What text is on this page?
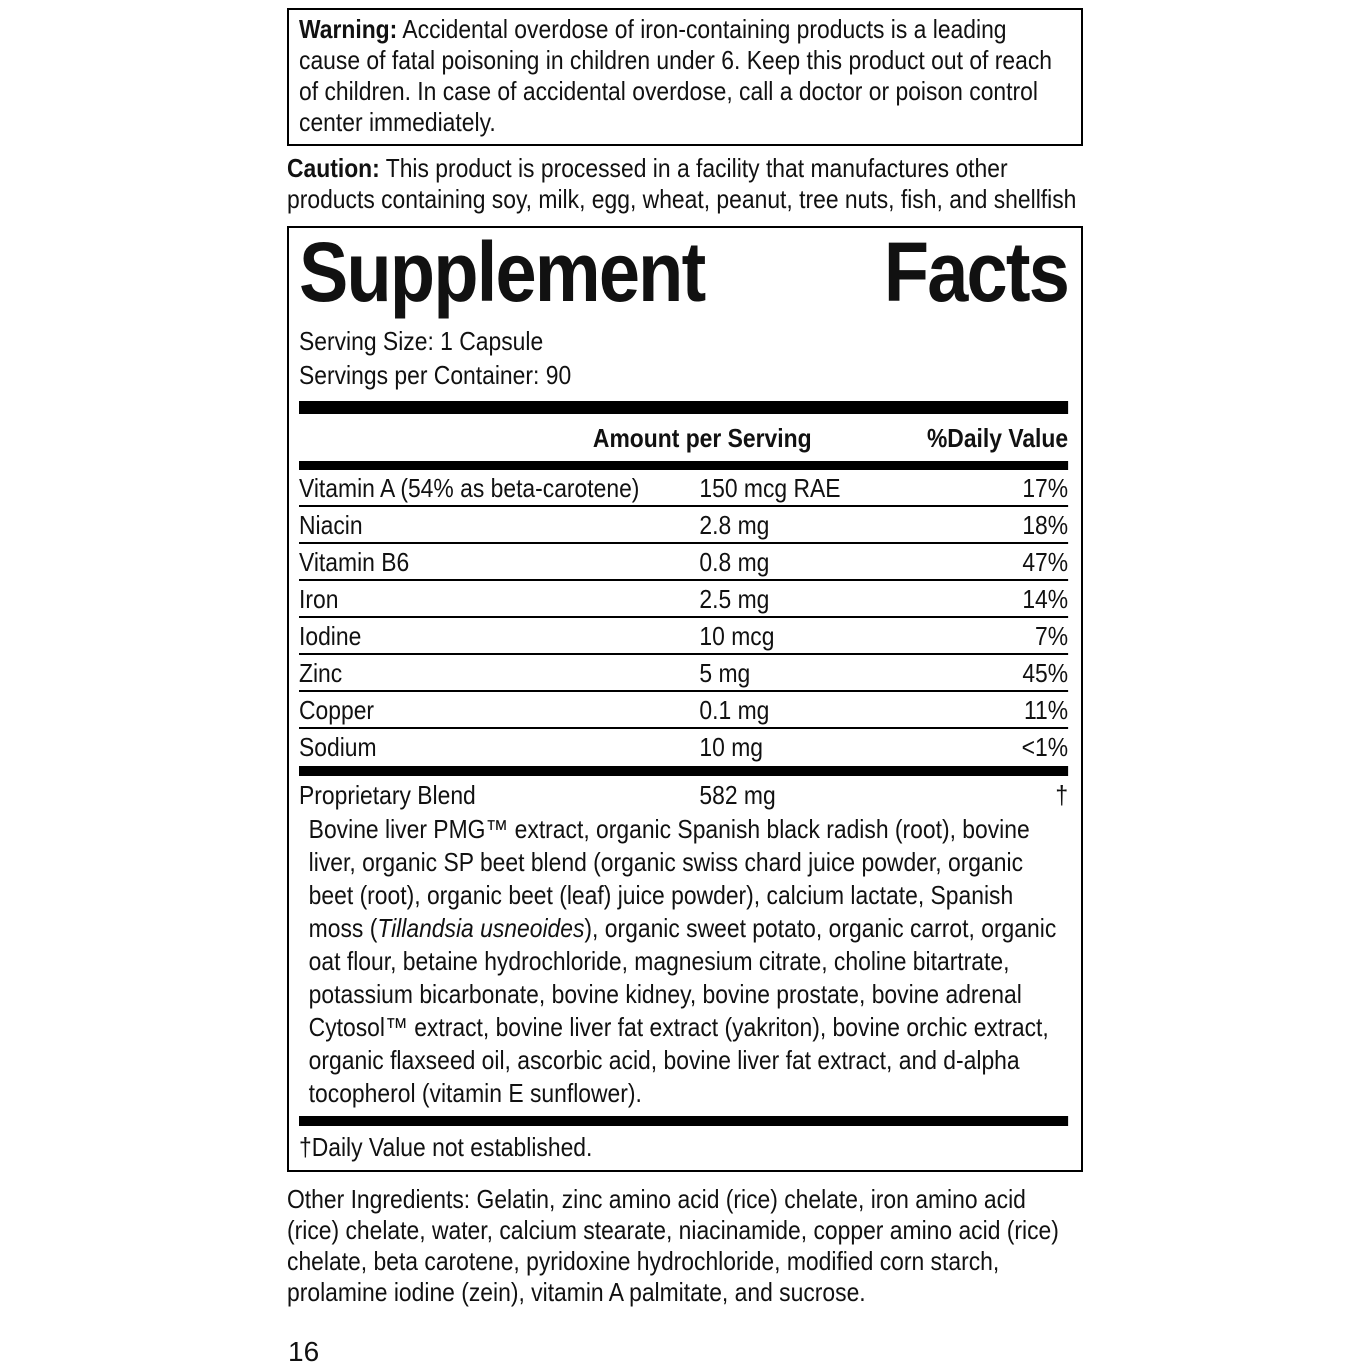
Warning: Accidental overdose of iron-containing products is a leading cause of fatal poisoning in children under 6. Keep this product out of reach of children. In case of accidental overdose, call a doctor or poison control center immediately.
Caution: This product is processed in a facility that manufactures other products containing soy, milk, egg, wheat, peanut, tree nuts, fish, and shellfish
Supplement Facts
Serving Size: 1 Capsule
Servings per Container: 90
Amount per Serving	%Daily Value
Vitamin A (54% as beta-carotene)	150 mcg RAE	17%
Niacin	2.8 mg	18%
Vitamin B6	0.8 mg	47%
Iron	2.5 mg	14%
Iodine	10 mcg	7%
Zinc	5 mg	45%
Copper	0.1 mg	11%
Sodium	10 mg	<1%
Proprietary Blend	582 mg	†
Bovine liver PMG™ extract, organic Spanish black radish (root), bovine liver, organic SP beet blend (organic swiss chard juice powder, organic beet (root), organic beet (leaf) juice powder), calcium lactate, Spanish moss (Tillandsia usneoides), organic sweet potato, organic carrot, organic oat flour, betaine hydrochloride, magnesium citrate, choline bitartrate, potassium bicarbonate, bovine kidney, bovine prostate, bovine adrenal Cytosol™ extract, bovine liver fat extract (yakriton), bovine orchic extract, organic flaxseed oil, ascorbic acid, bovine liver fat extract, and d-alpha tocopherol (vitamin E sunflower).
†Daily Value not established.
Other Ingredients: Gelatin, zinc amino acid (rice) chelate, iron amino acid (rice) chelate, water, calcium stearate, niacinamide, copper amino acid (rice) chelate, beta carotene, pyridoxine hydrochloride, modified corn starch, prolamine iodine (zein), vitamin A palmitate, and sucrose.
16
